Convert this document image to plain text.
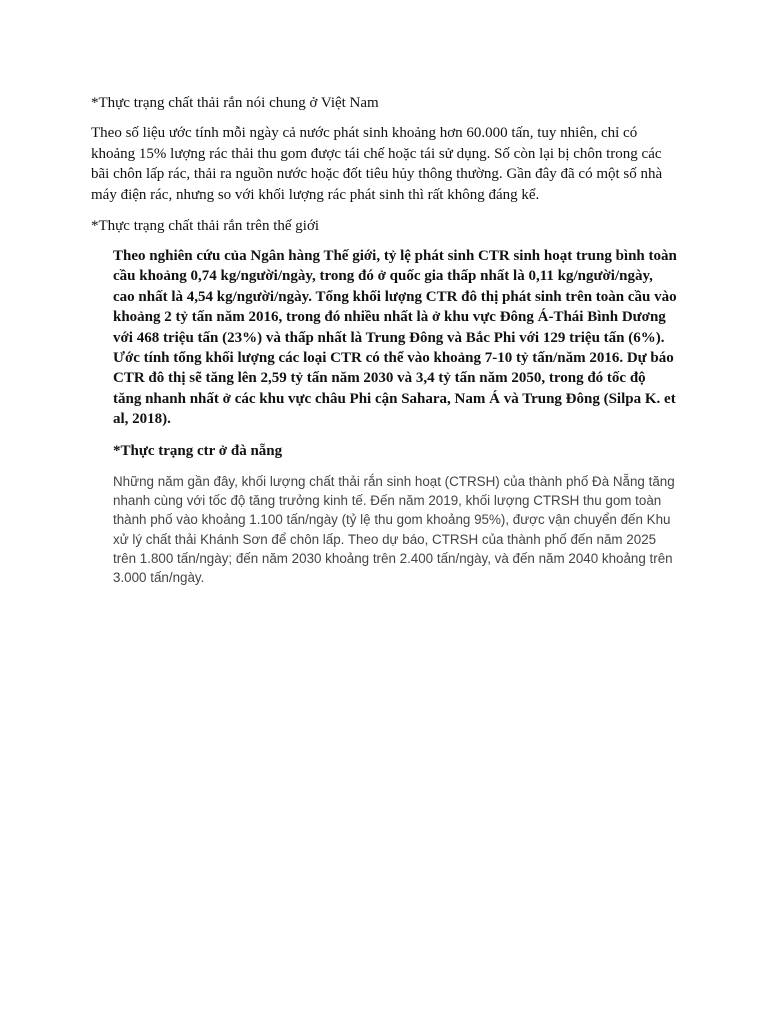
*Thực trạng chất thải rắn nói chung ở Việt Nam

Theo số liệu ước tính mỗi ngày cả nước phát sinh khoảng hơn 60.000 tấn, tuy nhiên, chỉ có khoảng 15% lượng rác thải thu gom được tái chế hoặc tái sử dụng. Số còn lại bị chôn trong các bãi chôn lấp rác, thải ra nguồn nước hoặc đốt tiêu hủy thông thường. Gần đây đã có một số nhà máy điện rác, nhưng so với khối lượng rác phát sinh thì rất không đáng kể.

*Thực trạng chất thải rắn trên thế giới

Theo nghiên cứu của Ngân hàng Thế giới, tỷ lệ phát sinh CTR sinh hoạt trung bình toàn cầu khoảng 0,74 kg/người/ngày, trong đó ở quốc gia thấp nhất là 0,11 kg/người/ngày, cao nhất là 4,54 kg/người/ngày. Tổng khối lượng CTR đô thị phát sinh trên toàn cầu vào khoảng 2 tỷ tấn năm 2016, trong đó nhiều nhất là ở khu vực Đông Á-Thái Bình Dương với 468 triệu tấn (23%) và thấp nhất là Trung Đông và Bắc Phi với 129 triệu tấn (6%). Ước tính tổng khối lượng các loại CTR có thể vào khoảng 7-10 tỷ tấn/năm 2016. Dự báo CTR đô thị sẽ tăng lên 2,59 tỷ tấn năm 2030 và 3,4 tỷ tấn năm 2050, trong đó tốc độ tăng nhanh nhất ở các khu vực châu Phi cận Sahara, Nam Á và Trung Đông (Silpa K. et al, 2018).

*Thực trạng ctr ở đà nẵng

Những năm gần đây, khối lượng chất thải rắn sinh hoạt (CTRSH) của thành phố Đà Nẵng tăng nhanh cùng với tốc độ tăng trưởng kinh tế. Đến năm 2019, khối lượng CTRSH thu gom toàn thành phố vào khoảng 1.100 tấn/ngày (tỷ lệ thu gom khoảng 95%), được vận chuyển đến Khu xử lý chất thải Khánh Sơn để chôn lấp. Theo dự báo, CTRSH của thành phố đến năm 2025 trên 1.800 tấn/ngày; đến năm 2030 khoảng trên 2.400 tấn/ngày, và đến năm 2040 khoảng trên 3.000 tấn/ngày.
